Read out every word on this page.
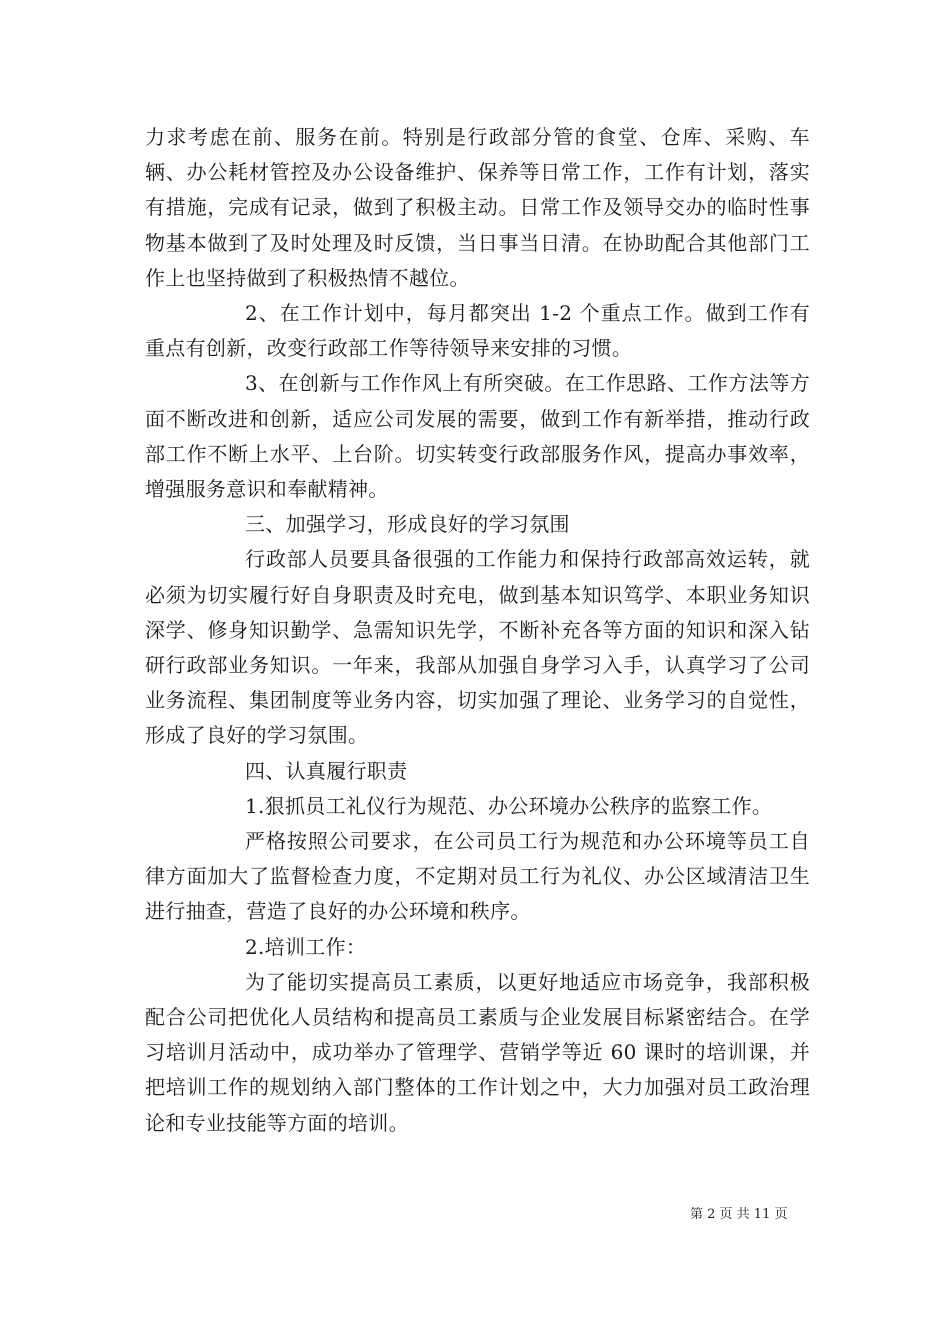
力求考虑在前、服务在前。特别是行政部分管的食堂、仓库、采购、车辆、办公耗材管控及办公设备维护、保养等日常工作，工作有计划，落实有措施，完成有记录，做到了积极主动。日常工作及领导交办的临时性事物基本做到了及时处理及时反馈，当日事当日清。在协助配合其他部门工作上也坚持做到了积极热情不越位。

2、在工作计划中，每月都突出 1-2 个重点工作。做到工作有重点有创新，改变行政部工作等待领导来安排的习惯。

3、在创新与工作作风上有所突破。在工作思路、工作方法等方面不断改进和创新，适应公司发展的需要，做到工作有新举措，推动行政部工作不断上水平、上台阶。切实转变行政部服务作风，提高办事效率，增强服务意识和奉献精神。

三、加强学习，形成良好的学习氛围

行政部人员要具备很强的工作能力和保持行政部高效运转，就必须为切实履行好自身职责及时充电，做到基本知识笃学、本职业务知识深学、修身知识勤学、急需知识先学，不断补充各等方面的知识和深入钻研行政部业务知识。一年来，我部从加强自身学习入手，认真学习了公司业务流程、集团制度等业务内容，切实加强了理论、业务学习的自觉性，形成了良好的学习氛围。

四、认真履行职责

1.狠抓员工礼仪行为规范、办公环境办公秩序的监察工作。

严格按照公司要求，在公司员工行为规范和办公环境等员工自律方面加大了监督检查力度，不定期对员工行为礼仪、办公区域清洁卫生进行抽查，营造了良好的办公环境和秩序。

2.培训工作：

为了能切实提高员工素质，以更好地适应市场竞争，我部积极配合公司把优化人员结构和提高员工素质与企业发展目标紧密结合。在学习培训月活动中，成功举办了管理学、营销学等近 60 课时的培训课，并把培训工作的规划纳入部门整体的工作计划之中，大力加强对员工政治理论和专业技能等方面的培训。

第 2 页 共 11 页
